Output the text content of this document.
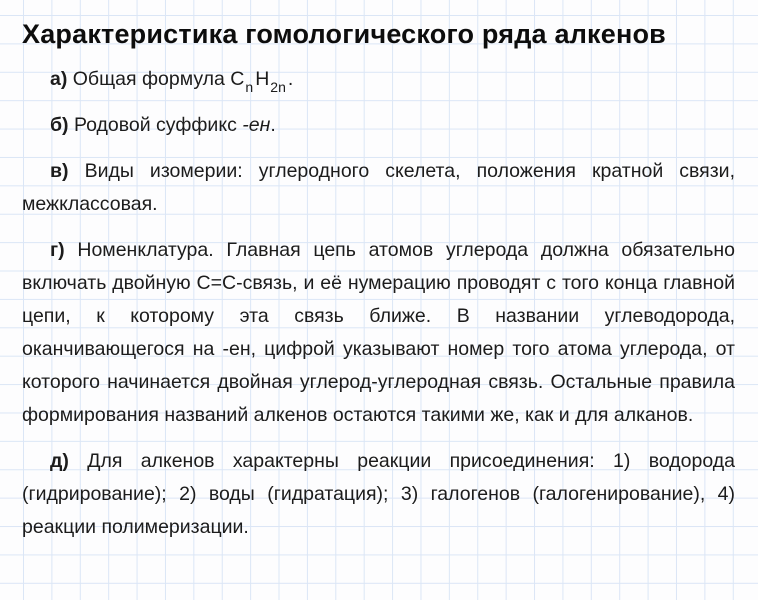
Характеристика гомологического ряда алкенов

а) Общая формула $C_n$ $H_{2n}$ .

б) Родовой суффикс -ен.

в) Виды изомерии: углеродного скелета, положения кратной связи, межклассовая.

г) Номенклатура. Главная цепь атомов углерода должна обязательно включать двойную C=C-связь, и её нумерацию проводят с того конца главной цепи, к которому эта связь ближе. В названии углеводорода, оканчивающегося на -ен, цифрой указывают номер того атома углерода, от которого начинается двойная углерод-углеродная связь. Остальные правила формирования названий алкенов остаются такими же, как и для алканов.

д) Для алкенов характерны реакции присоединения: 1) водорода (гидрирование); 2) воды (гидратация); 3) галогенов (галогенирование), 4) реакции полимеризации.
